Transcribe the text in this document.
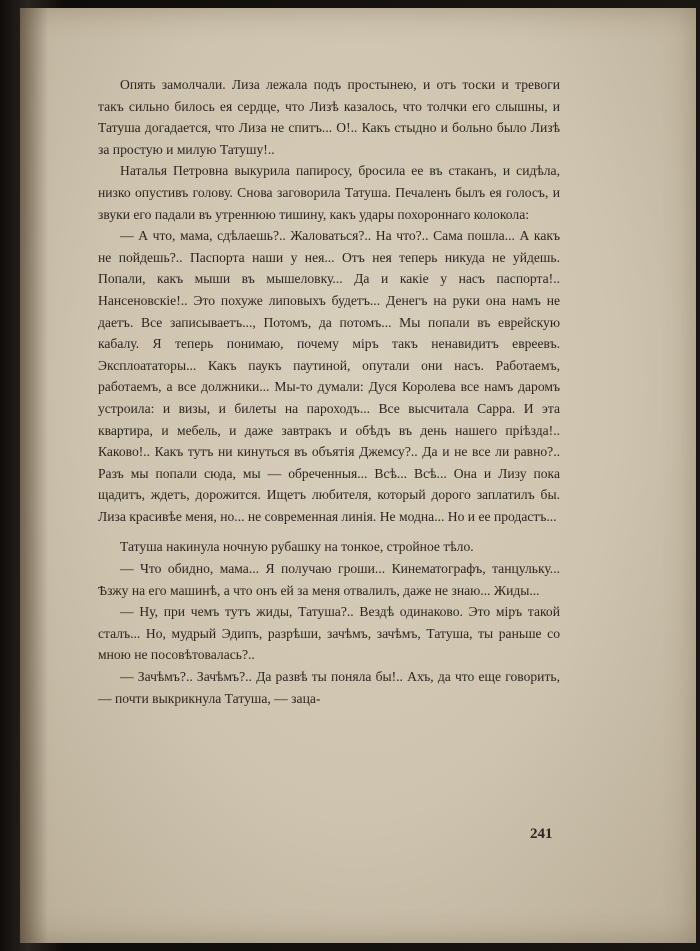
Опять замолчали. Лиза лежала подъ простынею, и отъ тоски и тревоги такъ сильно билось ея сердце, что Лизѣ казалось, что толчки его слышны, и Татуша догадается, что Лиза не спитъ... О!.. Какъ стыдно и больно было Лизѣ за простую и милую Татушу!..

Наталья Петровна выкурила папиросу, бросила ее въ стаканъ, и сидѣла, низко опустивъ голову. Снова заговорила Татуша. Печаленъ былъ ея голосъ, и звуки его падали въ утреннюю тишину, какъ удары похороннаго колокола:

— А что, мама, сдѣлаешь?.. Жаловаться?.. На что?.. Сама пошла... А какъ не пойдешь?.. Паспорта наши у нея... Отъ нея теперь никуда не уйдешь. Попали, какъ мыши въ мышеловку... Да и какіе у насъ паспорта!.. Нансеновскіе!.. Это похуже липовыхъ будетъ... Денегъ на руки она намъ не даетъ. Все записываетъ..., Потомъ, да потомъ... Мы попали въ еврейскую кабалу. Я теперь понимаю, почему міръ такъ ненавидитъ евреевъ. Эксплоататоры... Какъ паукъ паутиной, опутали они насъ. Работаемъ, работаемъ, а все должники... Мы-то думали: Дуся Королева все намъ даромъ устроила: и визы, и билеты на пароходъ... Все высчитала Сарра. И эта квартира, и мебель, и даже завтракъ и обѣдъ въ день нашего пріѣзда!.. Каково!.. Какъ тутъ ни кинуться въ объятія Джемсу?.. Да и не все ли равно?.. Разъ мы попали сюда, мы — обреченныя... Всѣ... Всѣ... Она и Лизу пока щадитъ, ждетъ, дорожится. Ищетъ любителя, который дорого заплатилъ бы. Лиза красивѣе меня, но... не современная линія. Не модна... Но и ее продастъ...

Татуша накинула ночную рубашку на тонкое, стройное тѣло.

— Что обидно, мама... Я получаю гроши... Кинематографъ, танцульку... Ѣзжу на его машинѣ, а что онъ ей за меня отвалилъ, даже не знаю... Жиды...

— Ну, при чемъ тутъ жиды, Татуша?.. Вездѣ одинаково. Это міръ такой сталъ... Но, мудрый Эдипъ, разрѣши, зачѣмъ, зачѣмъ, Татуша, ты раньше со мною не посовѣтовалась?..

— Зачѣмъ?.. Зачѣмъ?.. Да развѣ ты поняла бы!.. Ахъ, да что еще говорить, — почти выкрикнула Татуша, — заца-

241
